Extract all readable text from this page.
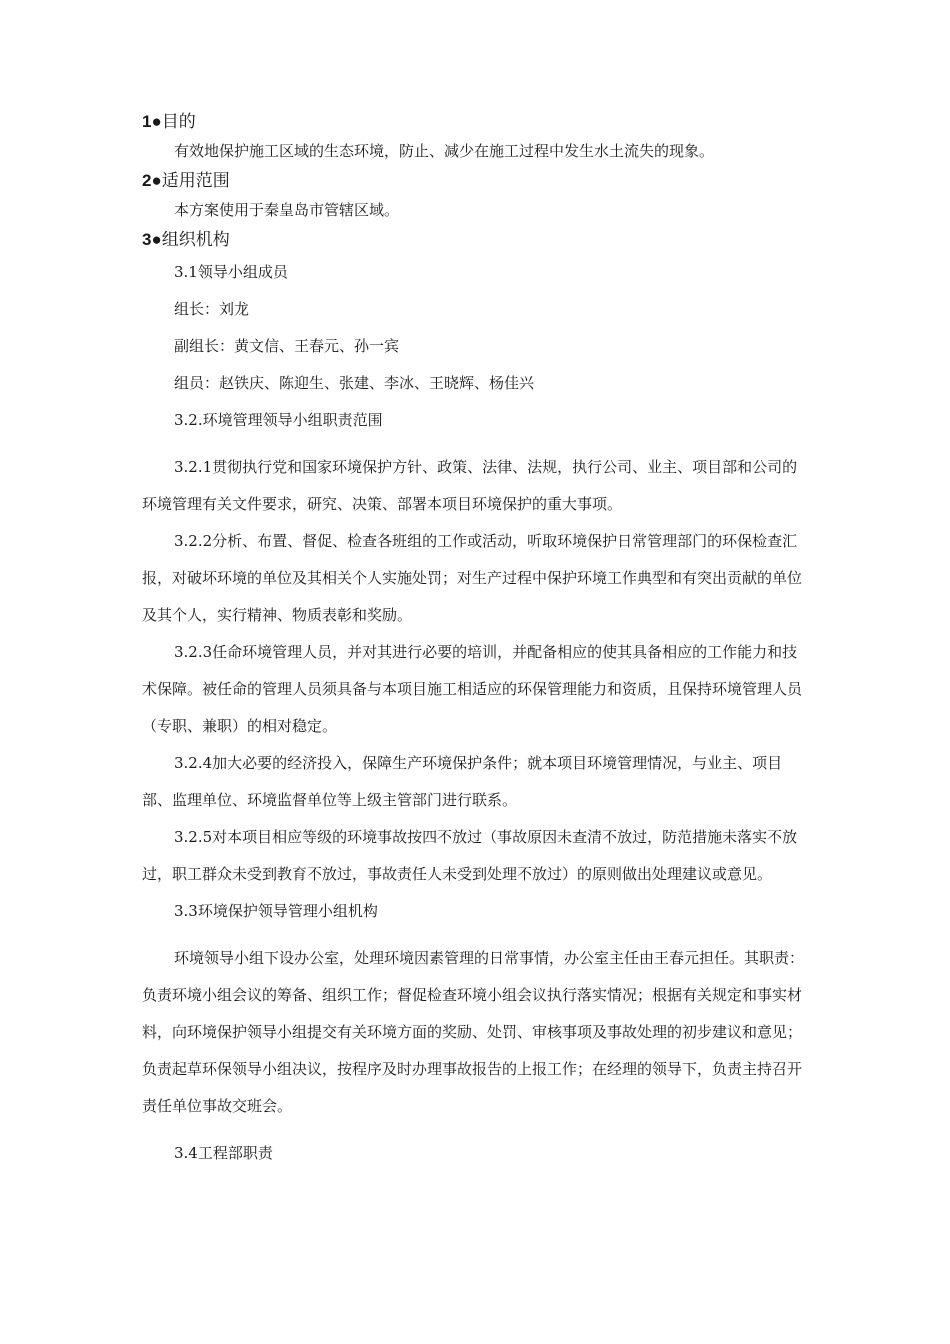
1●目的

有效地保护施工区域的生态环境，防止、减少在施工过程中发生水土流失的现象。

2●适用范围

本方案使用于秦皇岛市管辖区域。

3●组织机构

3.1领导小组成员

组长：刘龙

副组长：黄文信、王春元、孙一宾

组员：赵铁庆、陈迎生、张建、李冰、王晓辉、杨佳兴

3.2.环境管理领导小组职责范围

3.2.1贯彻执行党和国家环境保护方针、政策、法律、法规，执行公司、业主、项目部和公司的环境管理有关文件要求，研究、决策、部署本项目环境保护的重大事项。

3.2.2分析、布置、督促、检查各班组的工作或活动，听取环境保护日常管理部门的环保检查汇报，对破坏环境的单位及其相关个人实施处罚；对生产过程中保护环境工作典型和有突出贡献的单位及其个人，实行精神、物质表彰和奖励。

3.2.3任命环境管理人员，并对其进行必要的培训，并配备相应的使其具备相应的工作能力和技术保障。被任命的管理人员须具备与本项目施工相适应的环保管理能力和资质，且保持环境管理人员（专职、兼职）的相对稳定。

3.2.4加大必要的经济投入，保障生产环境保护条件；就本项目环境管理情况，与业主、项目部、监理单位、环境监督单位等上级主管部门进行联系。

3.2.5对本项目相应等级的环境事故按四不放过（事故原因未查清不放过，防范措施未落实不放过，职工群众未受到教育不放过，事故责任人未受到处理不放过）的原则做出处理建议或意见。

3.3环境保护领导管理小组机构

环境领导小组下设办公室，处理环境因素管理的日常事情，办公室主任由王春元担任。其职责：负责环境小组会议的筹备、组织工作；督促检查环境小组会议执行落实情况；根据有关规定和事实材料，向环境保护领导小组提交有关环境方面的奖励、处罚、审核事项及事故处理的初步建议和意见；负责起草环保领导小组决议，按程序及时办理事故报告的上报工作；在经理的领导下，负责主持召开责任单位事故交班会。

3.4工程部职责
